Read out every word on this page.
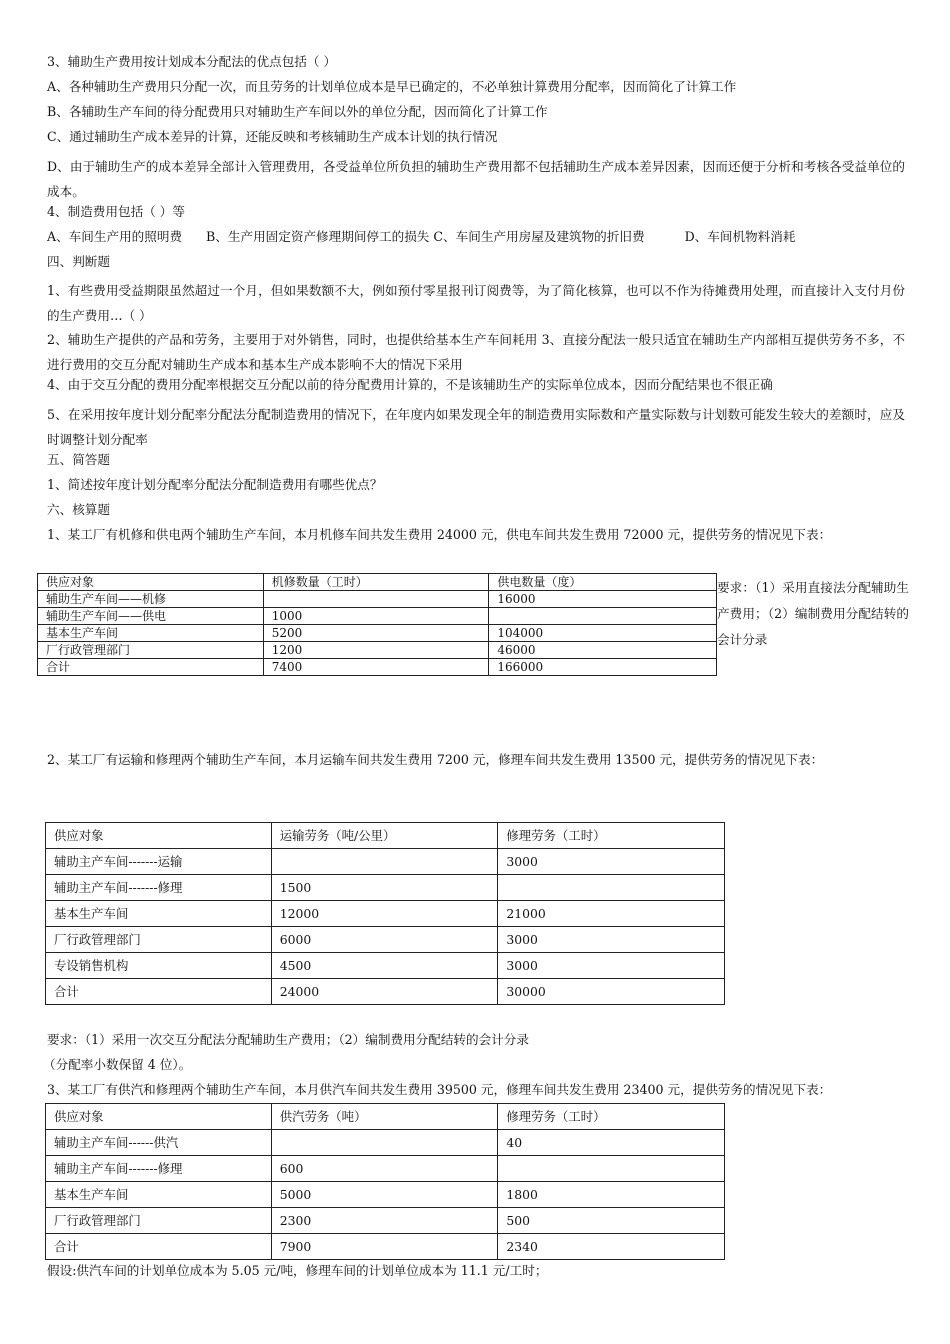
3、辅助生产费用按计划成本分配法的优点包括（ ）

A、各种辅助生产费用只分配一次，而且劳务的计划单位成本是早已确定的，不必单独计算费用分配率，因而简化了计算工作

B、各辅助生产车间的待分配费用只对辅助生产车间以外的单位分配，因而简化了计算工作

C、通过辅助生产成本差异的计算，还能反映和考核辅助生产成本计划的执行情况

D、由于辅助生产的成本差异全部计入管理费用，各受益单位所负担的辅助生产费用都不包括辅助生产成本差异因素，因而还便于分析和考核各受益单位的成本。

4、制造费用包括（ ）等

A、车间生产用的照明费      B、生产用固定资产修理期间停工的损失 C、车间生产用房屋及建筑物的折旧费          D、车间机物料消耗

四、判断题

1、有些费用受益期限虽然超过一个月，但如果数额不大，例如预付零星报刊订阅费等，为了简化核算，也可以不作为待摊费用处理，而直接计入支付月份的生产费用…（ ）

2、辅助生产提供的产品和劳务，主要用于对外销售，同时，也提供给基本生产车间耗用 3、直接分配法一般只适宜在辅助生产内部相互提供劳务不多，不进行费用的交互分配对辅助生产成本和基本生产成本影响不大的情况下采用

4、由于交互分配的费用分配率根据交互分配以前的待分配费用计算的，不是该辅助生产的实际单位成本，因而分配结果也不很正确

5、在采用按年度计划分配率分配法分配制造费用的情况下，在年度内如果发现全年的制造费用实际数和产量实际数与计划数可能发生较大的差额时，应及时调整计划分配率

五、简答题

1、简述按年度计划分配率分配法分配制造费用有哪些优点？

六、核算题

1、某工厂有机修和供电两个辅助生产车间，本月机修车间共发生费用 24000 元，供电车间共发生费用 72000 元，提供劳务的情况见下表：

供应对象	机修数量（工时）	供电数量（度）
辅助生产车间——机修		16000
辅助生产车间——供电	1000	
基本生产车间	5200	104000
厂行政管理部门	1200	46000
合计	7400	166000

要求：（1）采用直接法分配辅助生产费用；（2）编制费用分配结转的会计分录

2、某工厂有运输和修理两个辅助生产车间，本月运输车间共发生费用 7200 元，修理车间共发生费用 13500 元，提供劳务的情况见下表：

供应对象	运输劳务（吨/公里）	修理劳务（工时）
辅助主产车间-------运输		3000
辅助主产车间-------修理	1500	
基本生产车间	12000	21000
厂行政管理部门	6000	3000
专设销售机构	4500	3000
合计	24000	30000

要求：（1）采用一次交互分配法分配辅助生产费用；（2）编制费用分配结转的会计分录

（分配率小数保留 4 位）。

3、某工厂有供汽和修理两个辅助生产车间，本月供汽车间共发生费用 39500 元，修理车间共发生费用 23400 元，提供劳务的情况见下表：

供应对象	供汽劳务（吨）	修理劳务（工时）
辅助主产车间------供汽		40
辅助主产车间-------修理	600	
基本生产车间	5000	1800
厂行政管理部门	2300	500
合计	7900	2340

假设:供汽车间的计划单位成本为 5.05 元/吨，修理车间的计划单位成本为 11.1 元/工时；
